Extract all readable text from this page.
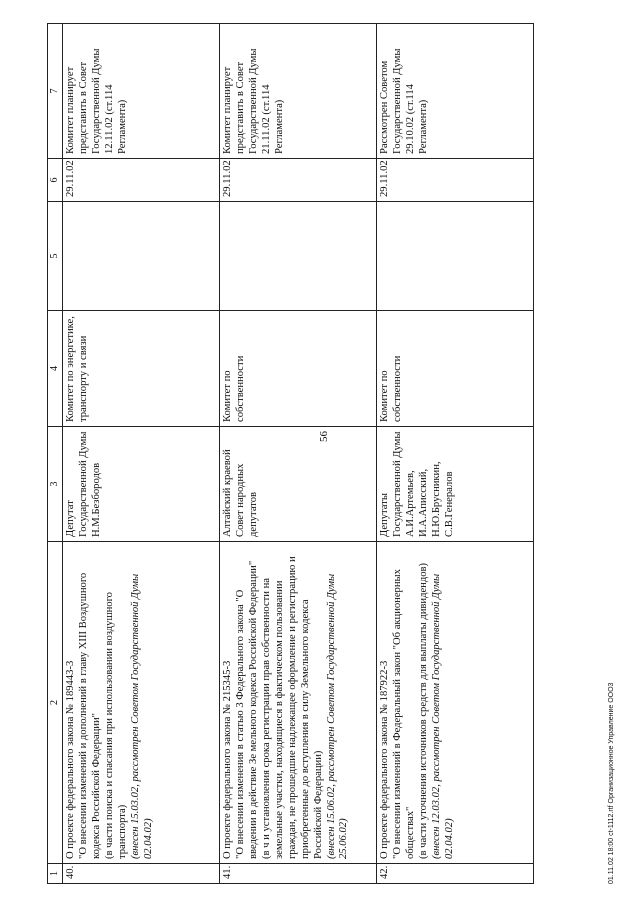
56
1	2	3	4	5	6	7
40.	О проекте федерального закона № 189443-3 "О внесении изменений и дополнений в главу XIII Воздушного кодекса Российской Федерации" (в части поиска и спасания при использовании воздушного транспорта) (внесен 15.03.02, рассмотрен Советом Государственной Думы 02.04.02)	Депутат Государственной Думы Н.М.Безбородов	Комитет по энергетике, транспорту и связи		29.11.02	Комитет планирует представить в Совет Государственной Думы 12.11.02 (ст.114 Регламента)
41.	О проекте федерального закона № 215345-3 "О внесении изменения в статью 3 Федерального закона "О введении в действие Зе мельного кодекса Российской Федерации" (в ч и установления срока регистрации прав собственности на земельные участки, находящиеся в фактическом пользовании граждан, не прошедшие надлежащее оформление и регистрацию и приобретенные до вступления в силу Земельного кодекса Российской Федерации) (внесен 15.06.02, рассмотрен Советом Государственной Думы 25.06.02)	Алтайский краевой Совет народных депутатов	Комитет по собственности		29.11.02	Комитет планирует представить в Совет Государственной Думы 21.11.02 (ст.114 Регламента)
42.	О проекте федерального закона № 187922-3 "О внесении изменений в Федеральный закон "Об акционерных обществах" (в части уточнения источников средств для выплаты дивидендов) (внесен 12.03.02, рассмотрен Советом Государственной Думы 02.04.02)	Депутаты Государственной Думы А.И.Артемьев, И.А.Аписский, Н.Ю.Брусникин, С.В.Генералов	Комитет по собственности		29.11.02	Рассмотрен Советом Государственной Думы 29.10.02 (ст.114 Регламента)
01.11.02 18:00 ct-1112.rtf Организационное Управление ООО3
